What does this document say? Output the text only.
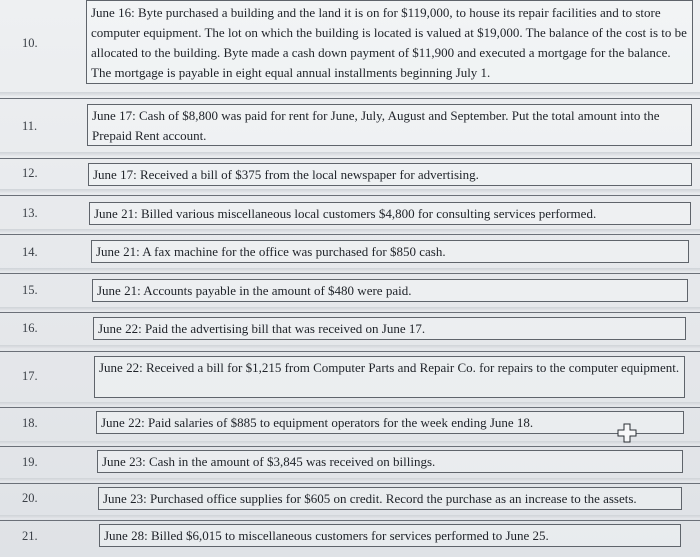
10.
June 16: Byte purchased a building and the land it is on for $119,000, to house its repair facilities and to store computer equipment. The lot on which the building is located is valued at $19,000. The balance of the cost is to be allocated to the building. Byte made a cash down payment of $11,900 and executed a mortgage for the balance. The mortgage is payable in eight equal annual installments beginning July 1.
11.
June 17: Cash of $8,800 was paid for rent for June, July, August and September. Put the total amount into the Prepaid Rent account.
12.	June 17: Received a bill of $375 from the local newspaper for advertising.
13.	June 21: Billed various miscellaneous local customers $4,800 for consulting services performed.
14.	June 21: A fax machine for the office was purchased for $850 cash.
15.	June 21: Accounts payable in the amount of $480 were paid.
16.	June 22: Paid the advertising bill that was received on June 17.
17.
June 22: Received a bill for $1,215 from Computer Parts and Repair Co. for repairs to the computer equipment.
18.	June 22: Paid salaries of $885 to equipment operators for the week ending June 18.
19.	June 23: Cash in the amount of $3,845 was received on billings.
20.	June 23: Purchased office supplies for $605 on credit. Record the purchase as an increase to the assets.
21.	June 28: Billed $6,015 to miscellaneous customers for services performed to June 25.
